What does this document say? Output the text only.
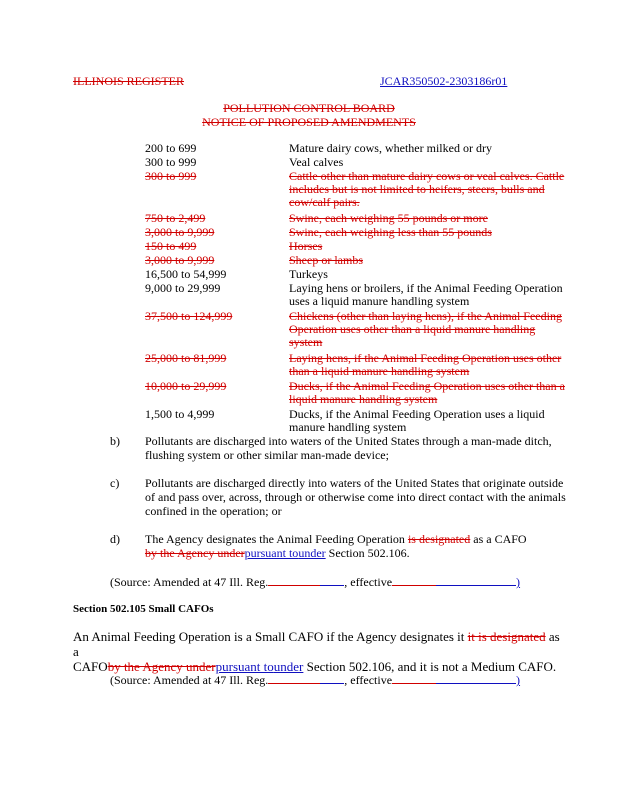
ILLINOIS REGISTER	JCAR350502-2303186r01
POLLUTION CONTROL BOARD
NOTICE OF PROPOSED AMENDMENTS
200 to 699	Mature dairy cows, whether milked or dry
300 to 999	Veal calves
300 to 999	Cattle other than mature dairy cows or veal calves. Cattle includes but is not limited to heifers, steers, bulls and cow/calf pairs.
750 to 2,499	Swine, each weighing 55 pounds or more
3,000 to 9,999	Swine, each weighing less than 55 pounds
150 to 499	Horses
3,000 to 9,999	Sheep or lambs
16,500 to 54,999	Turkeys
9,000 to 29,999	Laying hens or broilers, if the Animal Feeding Operation uses a liquid manure handling system
37,500 to 124,999	Chickens (other than laying hens), if the Animal Feeding Operation uses other than a liquid manure handling system
25,000 to 81,999	Laying hens, if the Animal Feeding Operation uses other than a liquid manure handling system
10,000 to 29,999	Ducks, if the Animal Feeding Operation uses other than a liquid manure handling system
1,500 to 4,999	Ducks, if the Animal Feeding Operation uses a liquid manure handling system
b) Pollutants are discharged into waters of the United States through a man-made ditch, flushing system or other similar man-made device;
c) Pollutants are discharged directly into waters of the United States that originate outside of and pass over, across, through or otherwise come into direct contact with the animals confined in the operation; or
d) The Agency designates the Animal Feeding Operation is designated as a CAFO
by the Agency underpursuant tounder Section 502.106.
(Source: Amended at 47 Ill. Reg.	, effective	)
Section 502.105 Small CAFOs
An Animal Feeding Operation is a Small CAFO if the Agency designates it it is designated as a
CAFOby the Agency underpursuant tounder Section 502.106, and it is not a Medium CAFO.
(Source: Amended at 47 Ill. Reg.	, effective	)
